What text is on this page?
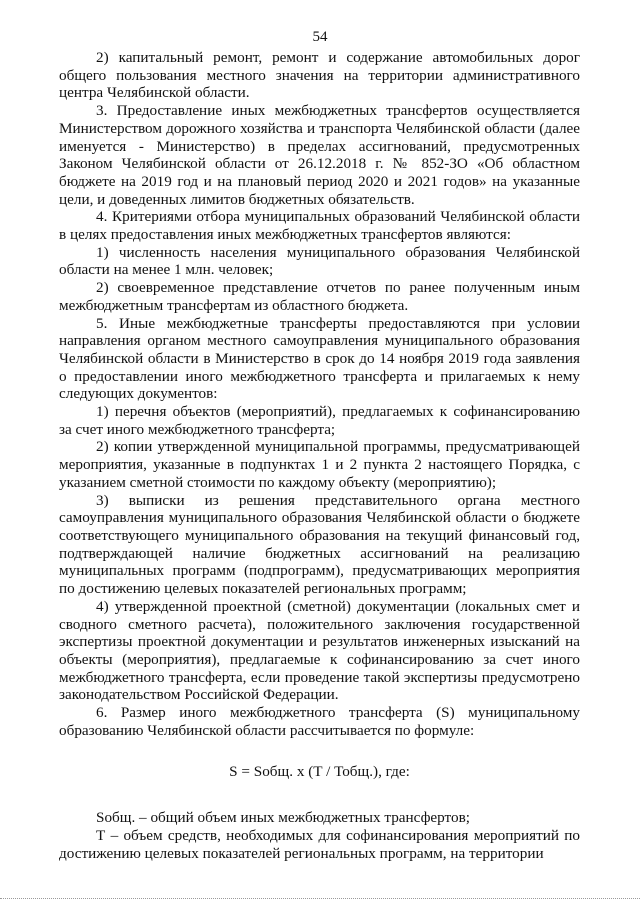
54

2) капитальный ремонт, ремонт и содержание автомобильных дорог общего пользования местного значения на территории административного центра Челябинской области.

3. Предоставление иных межбюджетных трансфертов осуществляется Министерством дорожного хозяйства и транспорта Челябинской области (далее именуется - Министерство) в пределах ассигнований, предусмотренных Законом Челябинской области от 26.12.2018 г. № 852-ЗО «Об областном бюджете на 2019 год и на плановый период 2020 и 2021 годов» на указанные цели, и доведенных лимитов бюджетных обязательств.

4. Критериями отбора муниципальных образований Челябинской области в целях предоставления иных межбюджетных трансфертов являются:

1) численность населения муниципального образования Челябинской области на менее 1 млн. человек;

2) своевременное представление отчетов по ранее полученным иным межбюджетным трансфертам из областного бюджета.

5. Иные межбюджетные трансферты предоставляются при условии направления органом местного самоуправления муниципального образования Челябинской области в Министерство в срок до 14 ноября 2019 года заявления о предоставлении иного межбюджетного трансферта и прилагаемых к нему следующих документов:

1) перечня объектов (мероприятий), предлагаемых к софинансированию за счет иного межбюджетного трансферта;

2) копии утвержденной муниципальной программы, предусматривающей мероприятия, указанные в подпунктах 1 и 2 пункта 2 настоящего Порядка, с указанием сметной стоимости по каждому объекту (мероприятию);

3) выписки из решения представительного органа местного самоуправления муниципального образования Челябинской области о бюджете соответствующего муниципального образования на текущий финансовый год, подтверждающей наличие бюджетных ассигнований на реализацию муниципальных программ (подпрограмм), предусматривающих мероприятия по достижению целевых показателей региональных программ;

4) утвержденной проектной (сметной) документации (локальных смет и сводного сметного расчета), положительного заключения государственной экспертизы проектной документации и результатов инженерных изысканий на объекты (мероприятия), предлагаемые к софинансированию за счет иного межбюджетного трансферта, если проведение такой экспертизы предусмотрено законодательством Российской Федерации.

6. Размер иного межбюджетного трансферта (S) муниципальному образованию Челябинской области рассчитывается по формуле:

S = Sобщ. x (T / Тобщ.), где:

Sобщ. – общий объем иных межбюджетных трансфертов;

Т – объем средств, необходимых для софинансирования мероприятий по достижению целевых показателей региональных программ, на территории
